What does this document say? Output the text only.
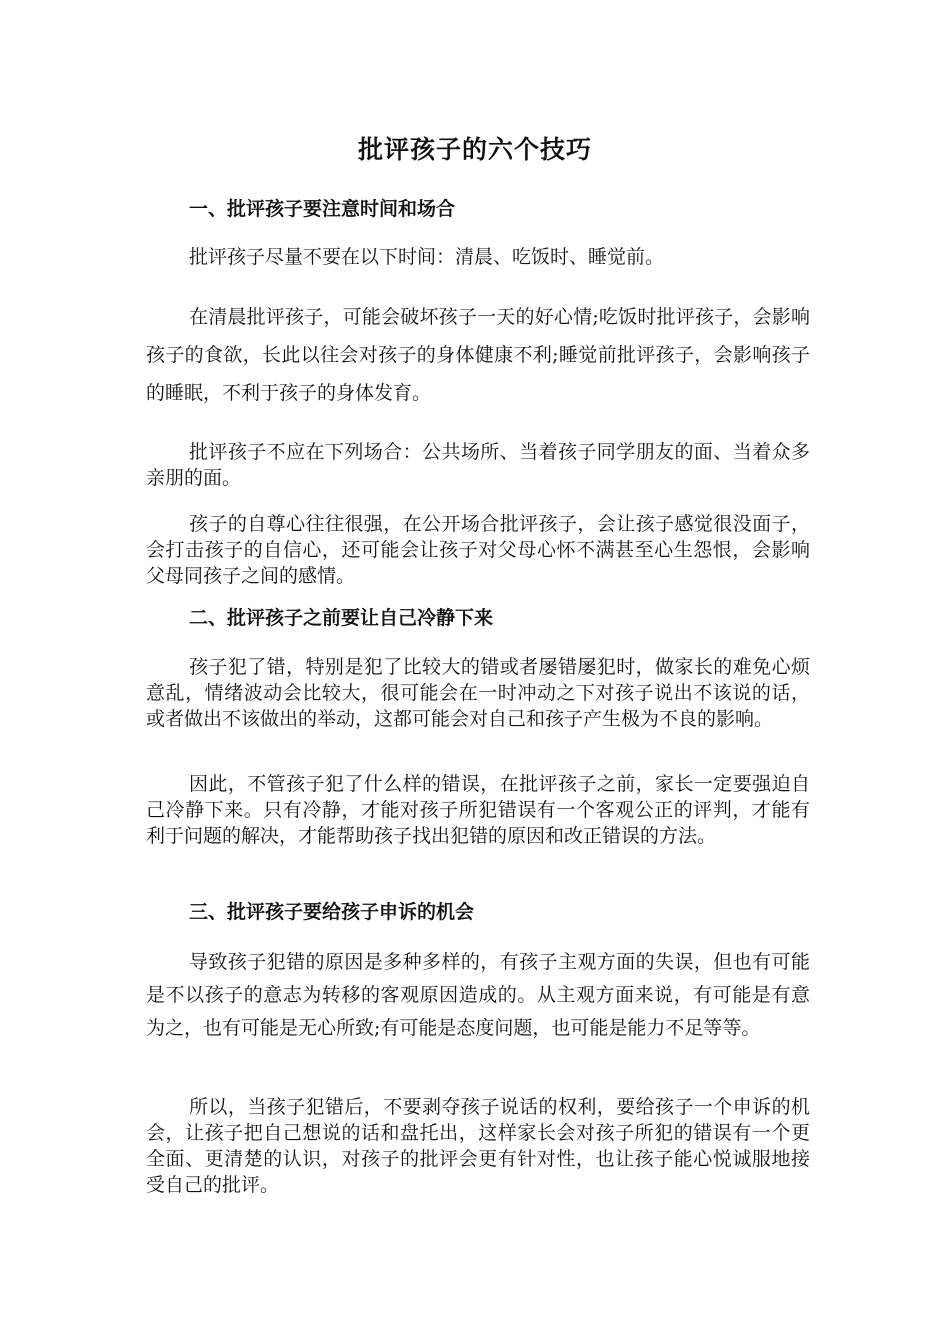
批评孩子的六个技巧
一、批评孩子要注意时间和场合

批评孩子尽量不要在以下时间：清晨、吃饭时、睡觉前。

在清晨批评孩子，可能会破坏孩子一天的好心情;吃饭时批评孩子，会影响孩子的食欲，长此以往会对孩子的身体健康不利;睡觉前批评孩子，会影响孩子的睡眠，不利于孩子的身体发育。

批评孩子不应在下列场合：公共场所、当着孩子同学朋友的面、当着众多亲朋的面。

孩子的自尊心往往很强，在公开场合批评孩子，会让孩子感觉很没面子，会打击孩子的自信心，还可能会让孩子对父母心怀不满甚至心生怨恨，会影响父母同孩子之间的感情。

二、批评孩子之前要让自己冷静下来

孩子犯了错，特别是犯了比较大的错或者屡错屡犯时，做家长的难免心烦意乱，情绪波动会比较大，很可能会在一时冲动之下对孩子说出不该说的话，或者做出不该做出的举动，这都可能会对自己和孩子产生极为不良的影响。

因此，不管孩子犯了什么样的错误，在批评孩子之前，家长一定要强迫自己冷静下来。只有冷静，才能对孩子所犯错误有一个客观公正的评判，才能有利于问题的解决，才能帮助孩子找出犯错的原因和改正错误的方法。

三、批评孩子要给孩子申诉的机会

导致孩子犯错的原因是多种多样的，有孩子主观方面的失误，但也有可能是不以孩子的意志为转移的客观原因造成的。从主观方面来说，有可能是有意为之，也有可能是无心所致;有可能是态度问题，也可能是能力不足等等。

所以，当孩子犯错后，不要剥夺孩子说话的权利，要给孩子一个申诉的机会，让孩子把自己想说的话和盘托出，这样家长会对孩子所犯的错误有一个更全面、更清楚的认识，对孩子的批评会更有针对性，也让孩子能心悦诚服地接受自己的批评。
